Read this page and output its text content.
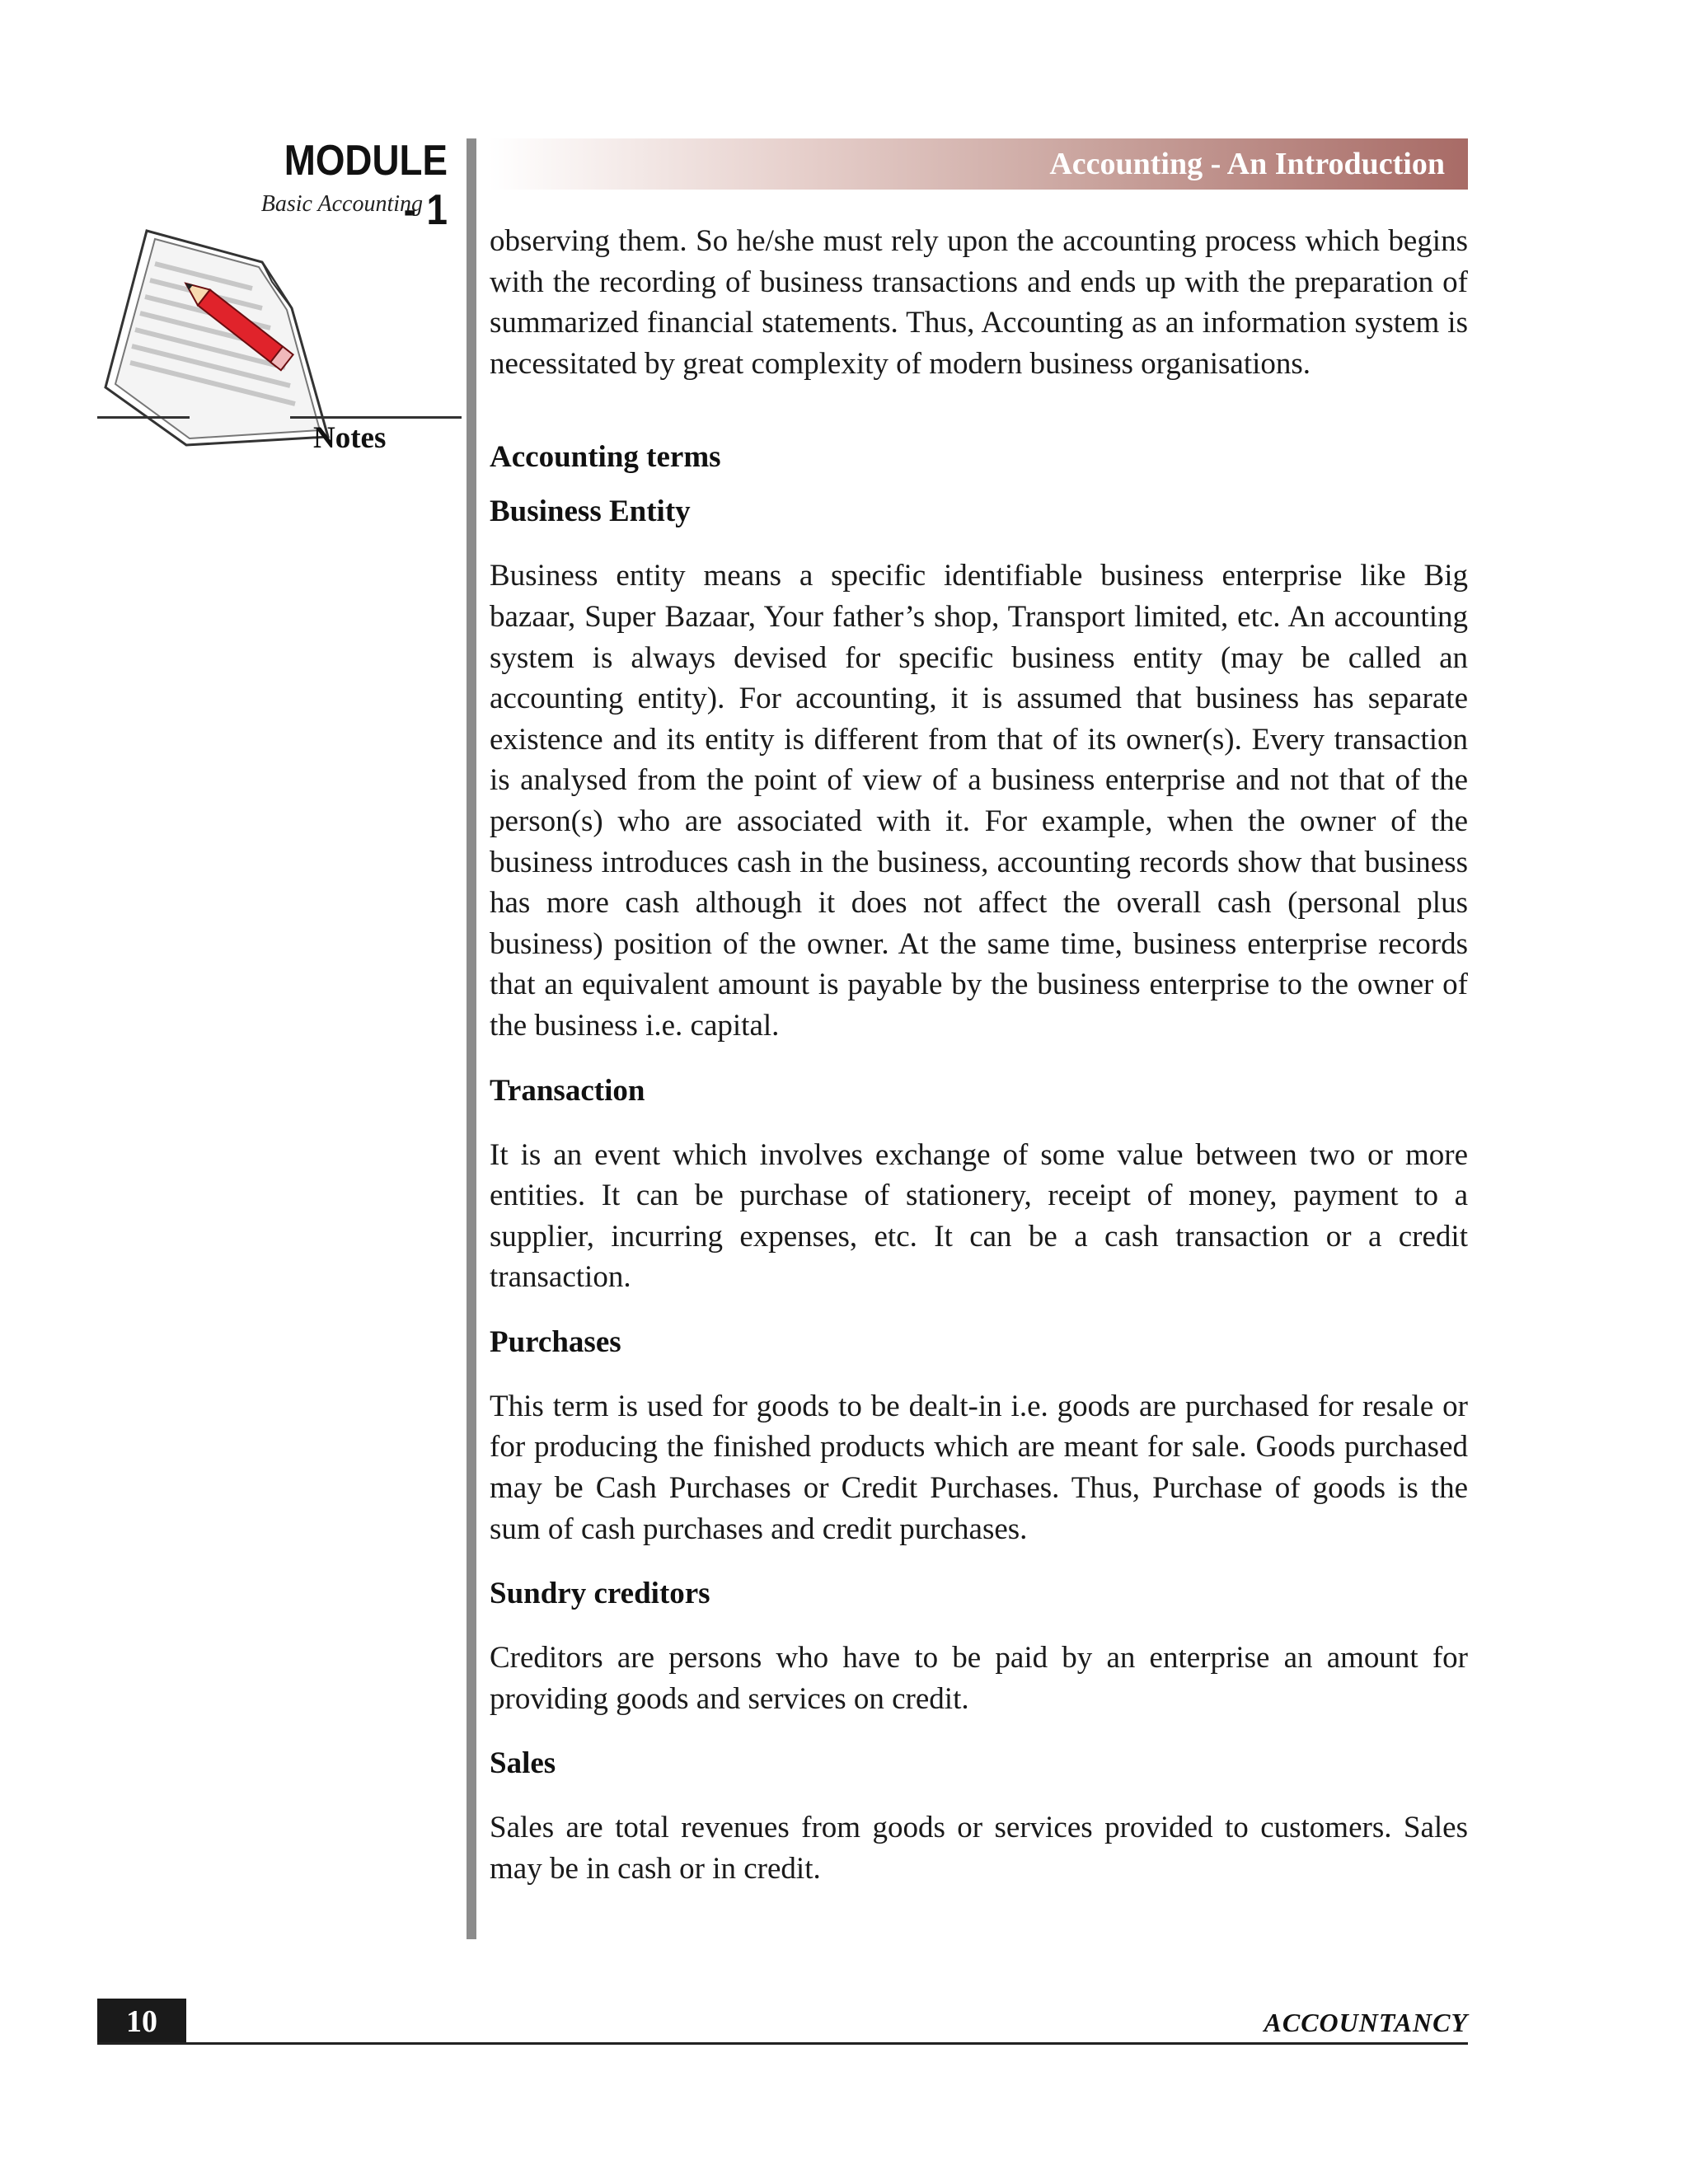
MODULE - 1

Basic Accounting

Notes

Accounting - An Introduction

observing them. So he/she must rely upon the accounting process which begins with the recording of business transactions and ends up with the preparation of summarized financial statements. Thus, Accounting as an information system is necessitated by great complexity of modern business organisations.

Accounting terms
Business Entity

Business entity means a specific identifiable business enterprise like Big bazaar, Super Bazaar, Your father’s shop, Transport limited, etc. An accounting system is always devised for specific business entity (may be called an accounting entity). For accounting, it is assumed that business has separate existence and its entity is different from that of its owner(s). Every transaction is analysed from the point of view of a business enterprise and not that of the person(s) who are associated with it. For example, when the owner of the business introduces cash in the business, accounting records show that business has more cash although it does not affect the overall cash (personal plus business) position of the owner. At the same time, business enterprise records that an equivalent amount is payable by the business enterprise to the owner of the business i.e. capital.

Transaction

It is an event which involves exchange of some value between two or more entities. It can be purchase of stationery, receipt of money, payment to a supplier, incurring expenses, etc. It can be a cash transaction or a credit transaction.

Purchases

This term is used for goods to be dealt-in i.e. goods are purchased for resale or for producing the finished products which are meant for sale. Goods purchased may be Cash Purchases or Credit Purchases. Thus, Purchase of goods is the sum of cash purchases and credit purchases.

Sundry creditors

Creditors are persons who have to be paid by an enterprise an amount for providing goods and services on credit.

Sales

Sales are total revenues from goods or services provided to customers. Sales may be in cash or in credit.

10	ACCOUNTANCY
